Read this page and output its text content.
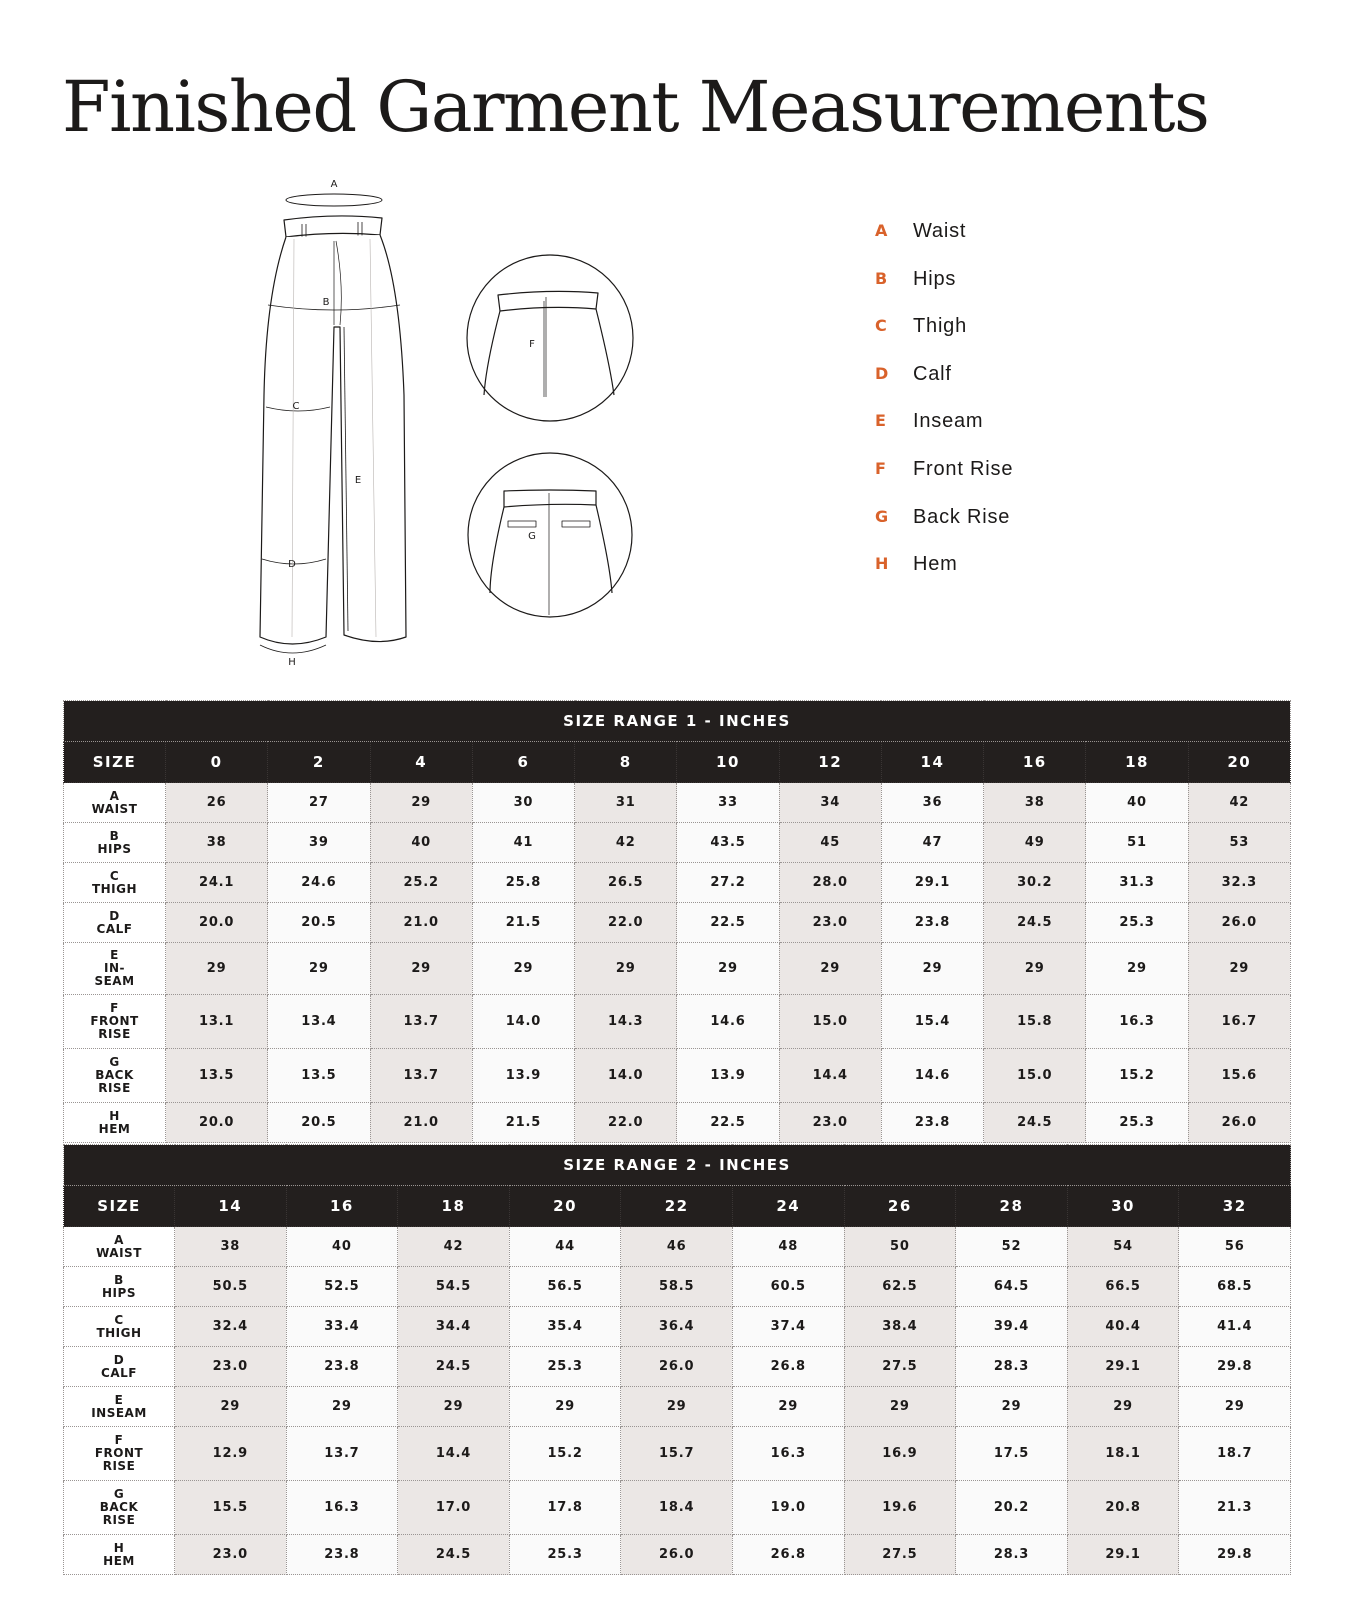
Finished Garment Measurements
A
B
C
D
E
F
G
H
A	Waist
B	Hips
C	Thigh
D	Calf
E	Inseam
F	Front Rise
G	Back Rise
H	Hem
SIZE RANGE 1 - INCHES											
SIZE	0	2	4	6	8	10	12	14	16	18	20

A
WAIST	26	27	29	30	31	33	34	36	38	40	42

B
HIPS	38	39	40	41	42	43.5	45	47	49	51	53

C
THIGH	24.1	24.6	25.2	25.8	26.5	27.2	28.0	29.1	30.2	31.3	32.3

D
CALF	20.0	20.5	21.0	21.5	22.0	22.5	23.0	23.8	24.5	25.3	26.0

E
IN-
SEAM	29	29	29	29	29	29	29	29	29	29	29

F
FRONT
RISE	13.1	13.4	13.7	14.0	14.3	14.6	15.0	15.4	15.8	16.3	16.7

G
BACK
RISE	13.5	13.5	13.7	13.9	14.0	13.9	14.4	14.6	15.0	15.2	15.6

H
HEM	20.0	20.5	21.0	21.5	22.0	22.5	23.0	23.8	24.5	25.3	26.0
SIZE RANGE 2 - INCHES										
SIZE	14	16	18	20	22	24	26	28	30	32

A
WAIST	38	40	42	44	46	48	50	52	54	56

B
HIPS	50.5	52.5	54.5	56.5	58.5	60.5	62.5	64.5	66.5	68.5

C
THIGH	32.4	33.4	34.4	35.4	36.4	37.4	38.4	39.4	40.4	41.4

D
CALF	23.0	23.8	24.5	25.3	26.0	26.8	27.5	28.3	29.1	29.8

E
INSEAM	29	29	29	29	29	29	29	29	29	29

F
FRONT
RISE	12.9	13.7	14.4	15.2	15.7	16.3	16.9	17.5	18.1	18.7

G
BACK
RISE	15.5	16.3	17.0	17.8	18.4	19.0	19.6	20.2	20.8	21.3

H
HEM	23.0	23.8	24.5	25.3	26.0	26.8	27.5	28.3	29.1	29.8
